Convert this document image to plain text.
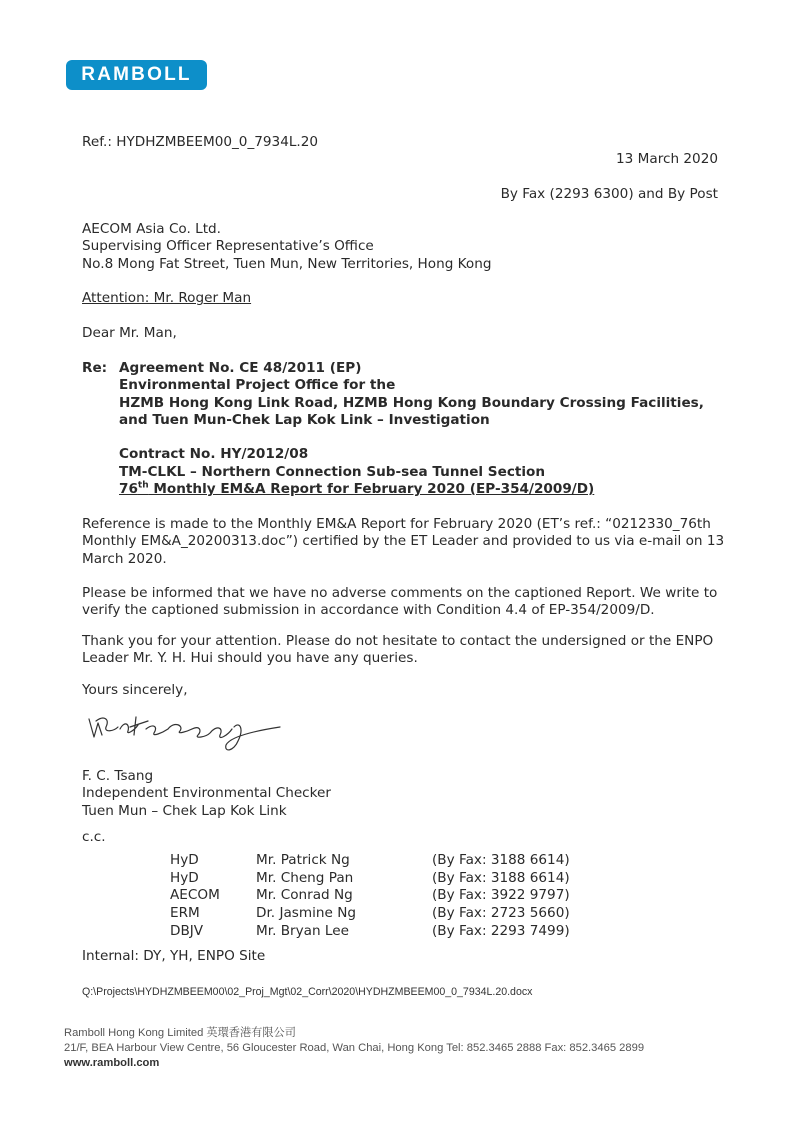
RAMBOLL
Ref.: HYDHZMBEEM00_0_7934L.20
13 March 2020
By Fax (2293 6300) and By Post
AECOM Asia Co. Ltd.
Supervising Officer Representative’s Office
No.8 Mong Fat Street, Tuen Mun, New Territories, Hong Kong
Attention: Mr. Roger Man
Dear Mr. Man,
Re: Agreement No. CE 48/2011 (EP)
Environmental Project Office for the
HZMB Hong Kong Link Road, HZMB Hong Kong Boundary Crossing Facilities,
and Tuen Mun-Chek Lap Kok Link – Investigation
Contract No. HY/2012/08
TM-CLKL – Northern Connection Sub-sea Tunnel Section
76th Monthly EM&A Report for February 2020 (EP-354/2009/D)
Reference is made to the Monthly EM&A Report for February 2020 (ET’s ref.: “0212330_76th
Monthly EM&A_20200313.doc”) certified by the ET Leader and provided to us via e-mail on 13
March 2020.
Please be informed that we have no adverse comments on the captioned Report. We write to
verify the captioned submission in accordance with Condition 4.4 of EP-354/2009/D.
Thank you for your attention. Please do not hesitate to contact the undersigned or the ENPO
Leader Mr. Y. H. Hui should you have any queries.
Yours sincerely,
F. C. Tsang
Independent Environmental Checker
Tuen Mun – Chek Lap Kok Link
c.c.
HyD	Mr. Patrick Ng	(By Fax: 3188 6614)
HyD	Mr. Cheng Pan	(By Fax: 3188 6614)
AECOM	Mr. Conrad Ng	(By Fax: 3922 9797)
ERM	Dr. Jasmine Ng	(By Fax: 2723 5660)
DBJV	Mr. Bryan Lee	(By Fax: 2293 7499)
Internal: DY, YH, ENPO Site
Q:\Projects\HYDHZMBEEM00\02_Proj_Mgt\02_Corr\2020\HYDHZMBEEM00_0_7934L.20.docx
Ramboll Hong Kong Limited 英環香港有限公司
21/F, BEA Harbour View Centre, 56 Gloucester Road, Wan Chai, Hong Kong Tel: 852.3465 2888 Fax: 852.3465 2899
www.ramboll.com
